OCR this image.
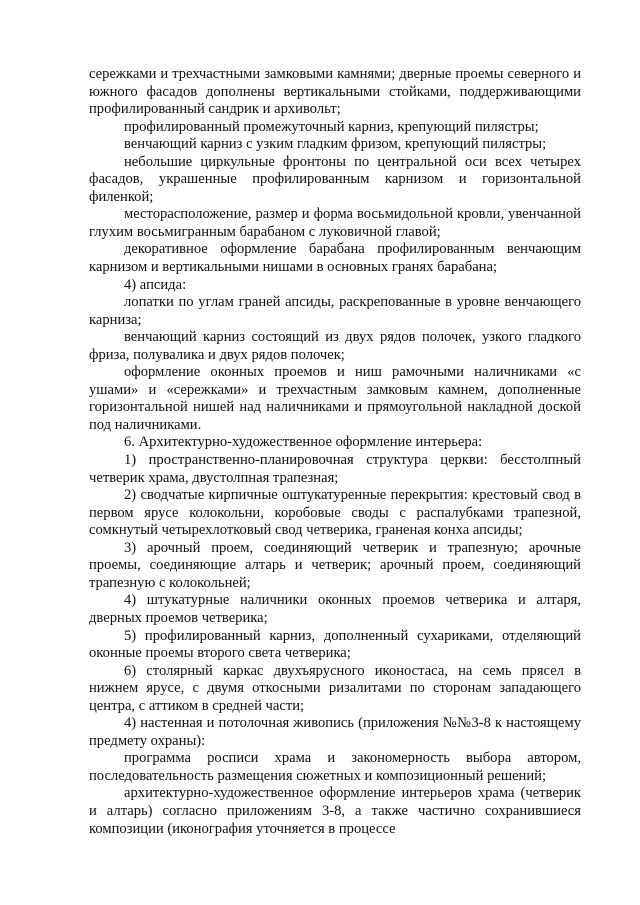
сережками и трехчастными замковыми камнями; дверные проемы северного и южного фасадов дополнены вертикальными стойками, поддерживающими профилированный сандрик и архивольт;

профилированный промежуточный карниз, крепующий пилястры;

венчающий карниз с узким гладким фризом, крепующий пилястры;

небольшие циркульные фронтоны по центральной оси всех четырех фасадов, украшенные профилированным карнизом и горизонтальной филенкой;

месторасположение, размер и форма восьмидольной кровли, увенчанной глухим восьмигранным барабаном с луковичной главой;

декоративное оформление барабана профилированным венчающим карнизом и вертикальными нишами в основных гранях барабана;

4) апсида:

лопатки по углам граней апсиды, раскрепованные в уровне венчающего карниза;

венчающий карниз состоящий из двух рядов полочек, узкого гладкого фриза, полувалика и двух рядов полочек;

оформление оконных проемов и ниш рамочными наличниками «с ушами» и «сережками» и трехчастным замковым камнем, дополненные горизонтальной нишей над наличниками и прямоугольной накладной доской под наличниками.

6. Архитектурно-художественное оформление интерьера:

1) пространственно-планировочная структура церкви: бесстолпный четверик храма, двустолпная трапезная;

2) сводчатые кирпичные оштукатуренные перекрытия: крестовый свод в первом ярусе колокольни, коробовые своды с распалубками трапезной, сомкнутый четырехлотковый свод четверика, граненая конха апсиды;

3) арочный проем, соединяющий четверик и трапезную; арочные проемы, соединяющие алтарь и четверик; арочный проем, соединяющий трапезную с колокольней;

4) штукатурные наличники оконных проемов четверика и алтаря, дверных проемов четверика;

5) профилированный карниз, дополненный сухариками, отделяющий оконные проемы второго света четверика;

6) столярный каркас двухъярусного иконостаса, на семь прясел в нижнем ярусе, с двумя откосными ризалитами по сторонам западающего центра, с аттиком в средней части;

4) настенная и потолочная живопись (приложения №№3-8 к настоящему предмету охраны):

программа росписи храма и закономерность выбора автором, последовательность размещения сюжетных и композиционный решений;

архитектурно-художественное оформление интерьеров храма (четверик и алтарь) согласно приложениям 3-8, а также частично сохранившиеся композиции (иконография уточняется в процессе
